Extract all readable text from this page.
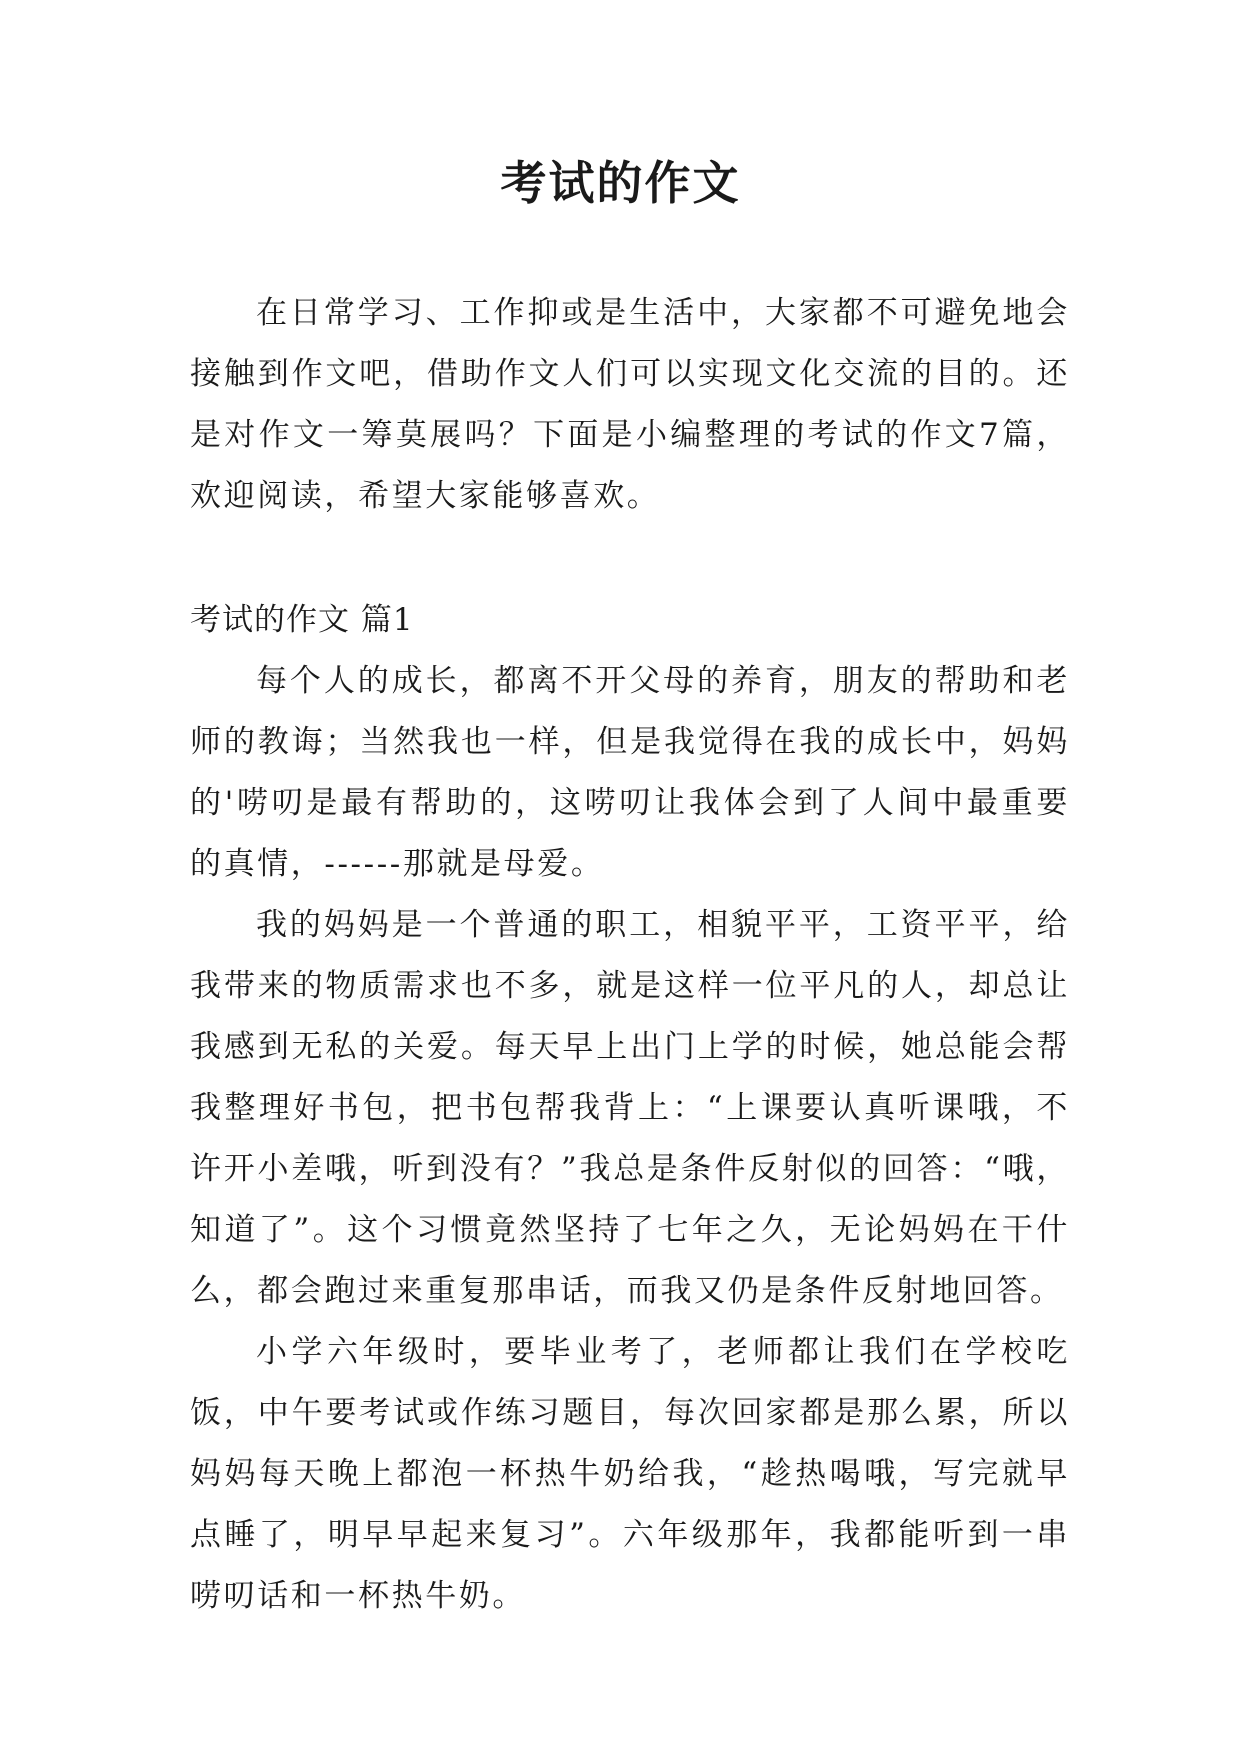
考试的作文

在日常学习、工作抑或是生活中，大家都不可避免地会接触到作文吧，借助作文人们可以实现文化交流的目的。还是对作文一筹莫展吗？下面是小编整理的考试的作文7篇，欢迎阅读，希望大家能够喜欢。

考试的作文 篇1

每个人的成长，都离不开父母的养育，朋友的帮助和老师的教诲；当然我也一样，但是我觉得在我的成长中，妈妈的'唠叨是最有帮助的，这唠叨让我体会到了人间中最重要的真情，------那就是母爱。

我的妈妈是一个普通的职工，相貌平平，工资平平，给我带来的物质需求也不多，就是这样一位平凡的人，却总让我感到无私的关爱。每天早上出门上学的时候，她总能会帮我整理好书包，把书包帮我背上：“上课要认真听课哦，不许开小差哦，听到没有？”我总是条件反射似的回答：“哦，知道了”。这个习惯竟然坚持了七年之久，无论妈妈在干什么，都会跑过来重复那串话，而我又仍是条件反射地回答。

小学六年级时，要毕业考了，老师都让我们在学校吃饭，中午要考试或作练习题目，每次回家都是那么累，所以妈妈每天晚上都泡一杯热牛奶给我，“趁热喝哦，写完就早点睡了，明早早起来复习”。六年级那年，我都能听到一串唠叨话和一杯热牛奶。
